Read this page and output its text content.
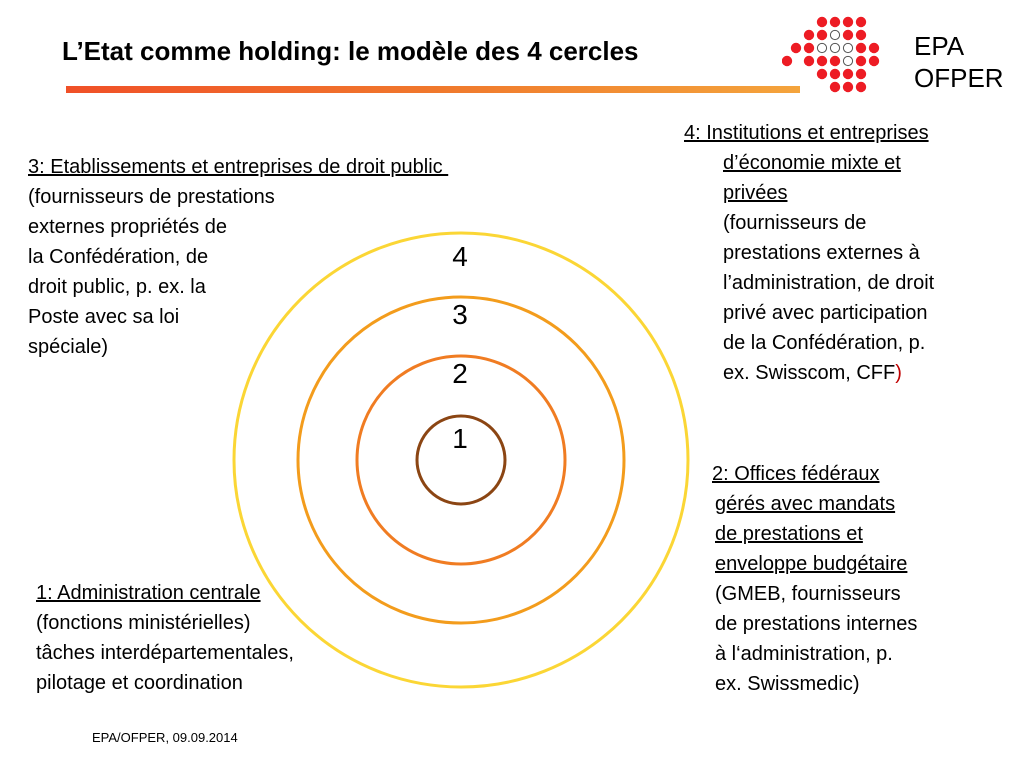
L’Etat comme holding: le modèle des 4 cercles	EPA
OFPER
4
3
2
1
4: Institutions et entreprises
d’économie mixte et
privées
(fournisseurs de
prestations externes à
l’administration, de droit
privé avec participation
de la Confédération, p.
ex. Swisscom, CFF)
3: Etablissements et entreprises de droit public
(fournisseurs de prestations
externes propriétés de
la Confédération, de
droit public, p. ex. la
Poste avec sa loi
spéciale)
2: Offices fédéraux
gérés avec mandats
de prestations et
enveloppe budgétaire
(GMEB, fournisseurs
de prestations internes
à l‘administration, p.
ex. Swissmedic)
1: Administration centrale
(fonctions ministérielles)
tâches interdépartementales,
pilotage et coordination
EPA/OFPER, 09.09.2014
